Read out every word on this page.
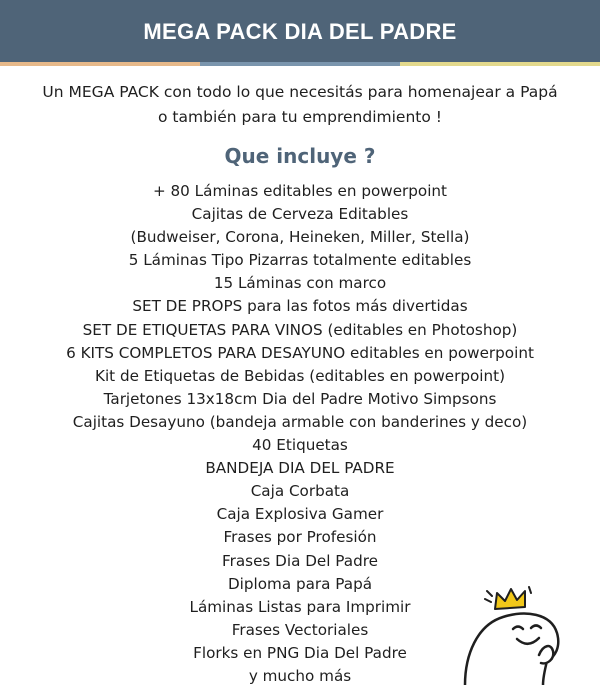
MEGA PACK DIA DEL PADRE
Un MEGA PACK con todo lo que necesitás para homenajear a Papá
o también para tu emprendimiento !
Que incluye ?
+ 80 Láminas editables en powerpoint
Cajitas de Cerveza Editables
(Budweiser, Corona, Heineken, Miller, Stella)
5 Láminas Tipo Pizarras totalmente editables
15 Láminas con marco
SET DE PROPS para las fotos más divertidas
SET DE ETIQUETAS PARA VINOS (editables en Photoshop)
6 KITS COMPLETOS PARA DESAYUNO editables en powerpoint
Kit de Etiquetas de Bebidas (editables en powerpoint)
Tarjetones 13x18cm Dia del Padre Motivo Simpsons
Cajitas Desayuno (bandeja armable con banderines y deco)
40 Etiquetas
BANDEJA DIA DEL PADRE
Caja Corbata
Caja Explosiva Gamer
Frases por Profesión
Frases Dia Del Padre
Diploma para Papá
Láminas Listas para Imprimir
Frases Vectoriales
Florks en PNG Dia Del Padre
y mucho más
